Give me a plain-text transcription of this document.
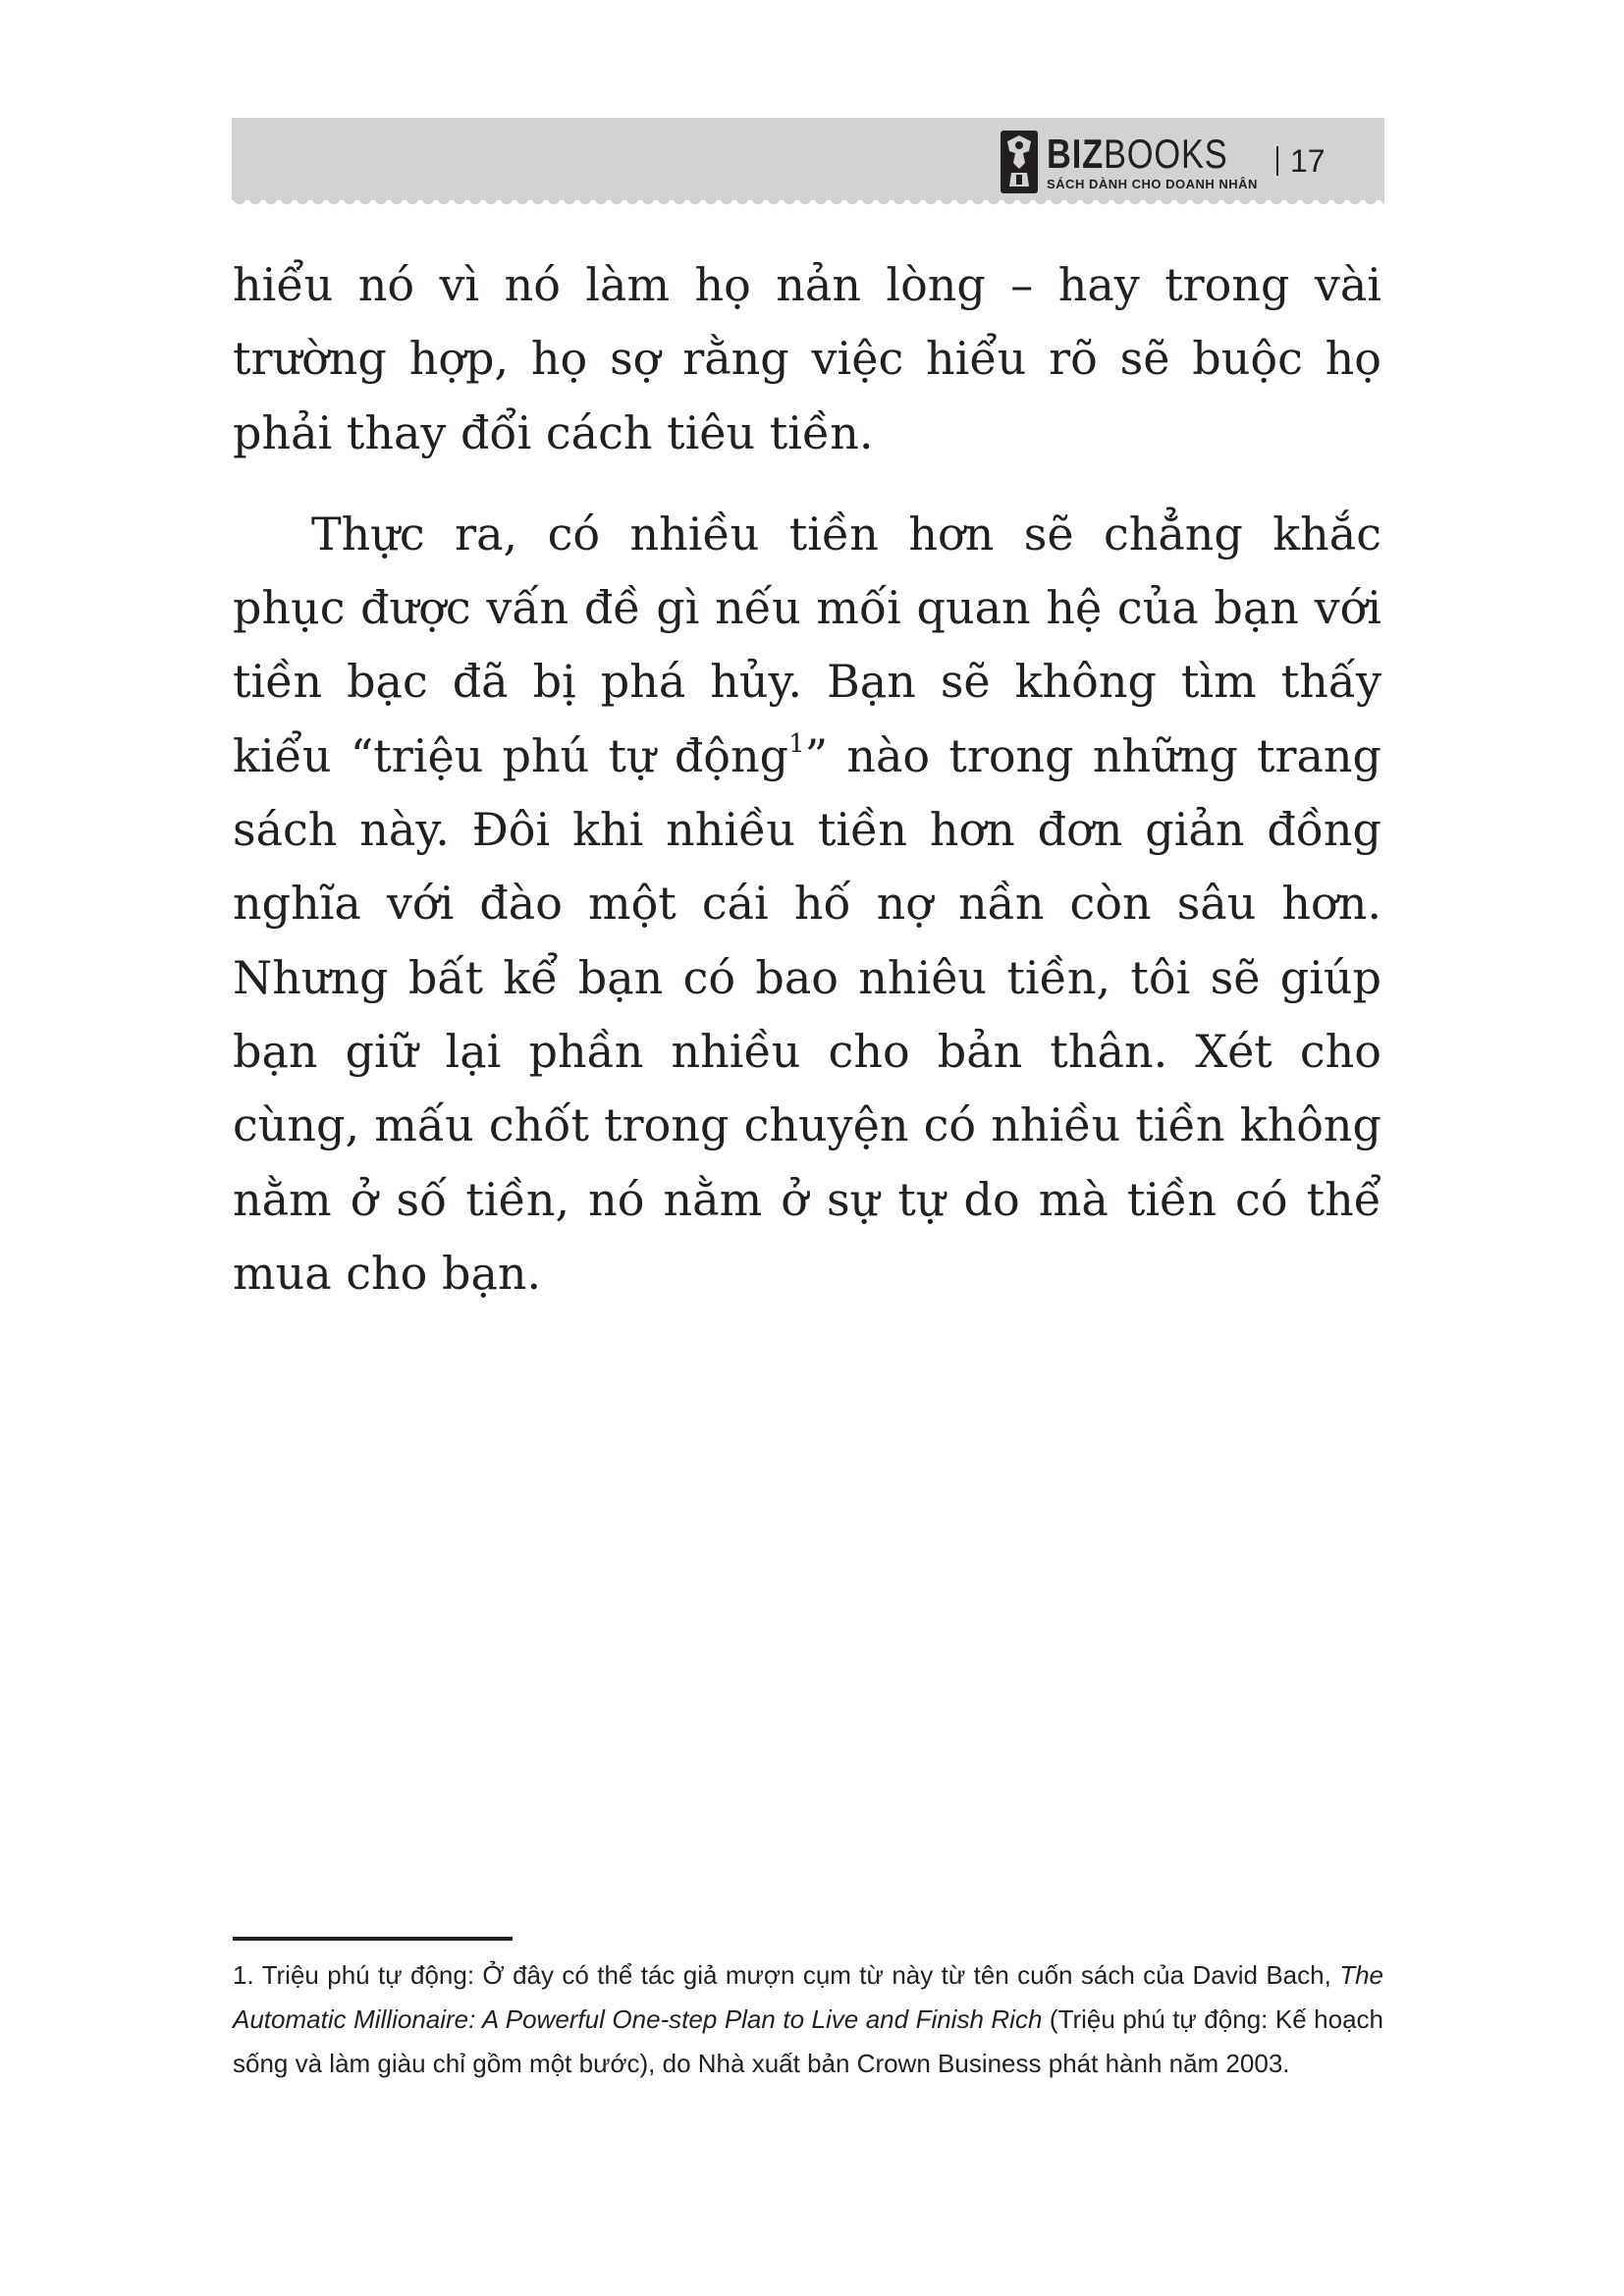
BIZBOOKS
SÁCH DÀNH CHO DOANH NHÂN
17

hiểu nó vì nó làm họ nản lòng – hay trong vài trường hợp, họ sợ rằng việc hiểu rõ sẽ buộc họ phải thay đổi cách tiêu tiền.

Thực ra, có nhiều tiền hơn sẽ chẳng khắc phục được vấn đề gì nếu mối quan hệ của bạn với tiền bạc đã bị phá hủy. Bạn sẽ không tìm thấy kiểu “triệu phú tự động$^1$” nào trong những trang sách này. Đôi khi nhiều tiền hơn đơn giản đồng nghĩa với đào một cái hố nợ nần còn sâu hơn. Nhưng bất kể bạn có bao nhiêu tiền, tôi sẽ giúp bạn giữ lại phần nhiều cho bản thân. Xét cho cùng, mấu chốt trong chuyện có nhiều tiền không nằm ở số tiền, nó nằm ở sự tự do mà tiền có thể mua cho bạn.

1. Triệu phú tự động: Ở đây có thể tác giả mượn cụm từ này từ tên cuốn sách của David Bach, The Automatic Millionaire: A Powerful One-step Plan to Live and Finish Rich (Triệu phú tự động: Kế hoạch sống và làm giàu chỉ gồm một bước), do Nhà xuất bản Crown Business phát hành năm 2003.
